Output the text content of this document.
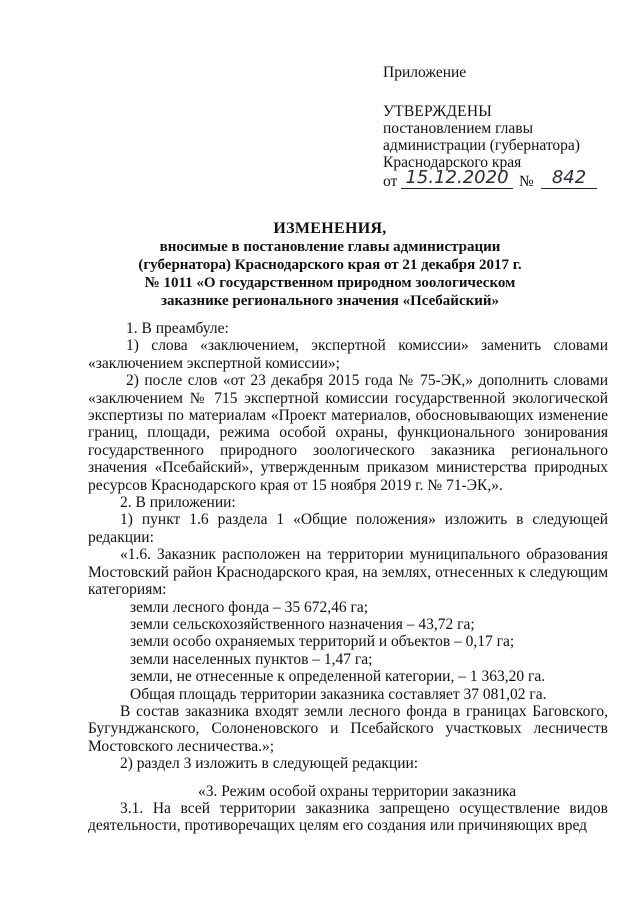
Приложение
УТВЕРЖДЕНЫ
постановлением главы
администрации (губернатора)
Краснодарского края
от 15.12.2020 №	842
ИЗМЕНЕНИЯ,
вносимые в постановление главы администрации
(губернатора) Краснодарского края от 21 декабря 2017 г.
№ 1011 «О государственном природном зоологическом
заказнике регионального значения «Псебайский»

1. В преамбуле:

1) слова «заключением, экспертной комиссии» заменить словами «заключением экспертной комиссии»;

2) после слов «от 23 декабря 2015 года № 75-ЭК,» дополнить словами «заключением № 715 экспертной комиссии государственной экологической экспертизы по материалам «Проект материалов, обосновывающих изменение границ, площади, режима особой охраны, функционального зонирования государственного природного зоологического заказника регионального значения «Псебайский», утвержденным приказом министерства природных ресурсов Краснодарского края от 15 ноября 2019 г. № 71-ЭК,».

2. В приложении:

1) пункт 1.6 раздела 1 «Общие положения» изложить в следующей редакции:

«1.6. Заказник расположен на территории муниципального образования Мостовский район Краснодарского края, на землях, отнесенных к следующим категориям:

земли лесного фонда – 35 672,46 га;

земли сельскохозяйственного назначения – 43,72 га;

земли особо охраняемых территорий и объектов – 0,17 га;

земли населенных пунктов – 1,47 га;

земли, не отнесенные к определенной категории, – 1 363,20 га.

Общая площадь территории заказника составляет 37 081,02 га.

В состав заказника входят земли лесного фонда в границах Баговского, Бугунджанского, Солоненовского и Псебайского участковых лесничеств Мостовского лесничества.»;

2) раздел 3 изложить в следующей редакции:

«3. Режим особой охраны территории заказника

3.1. На всей территории заказника запрещено осуществление видов деятельности, противоречащих целям его создания или причиняющих вред
